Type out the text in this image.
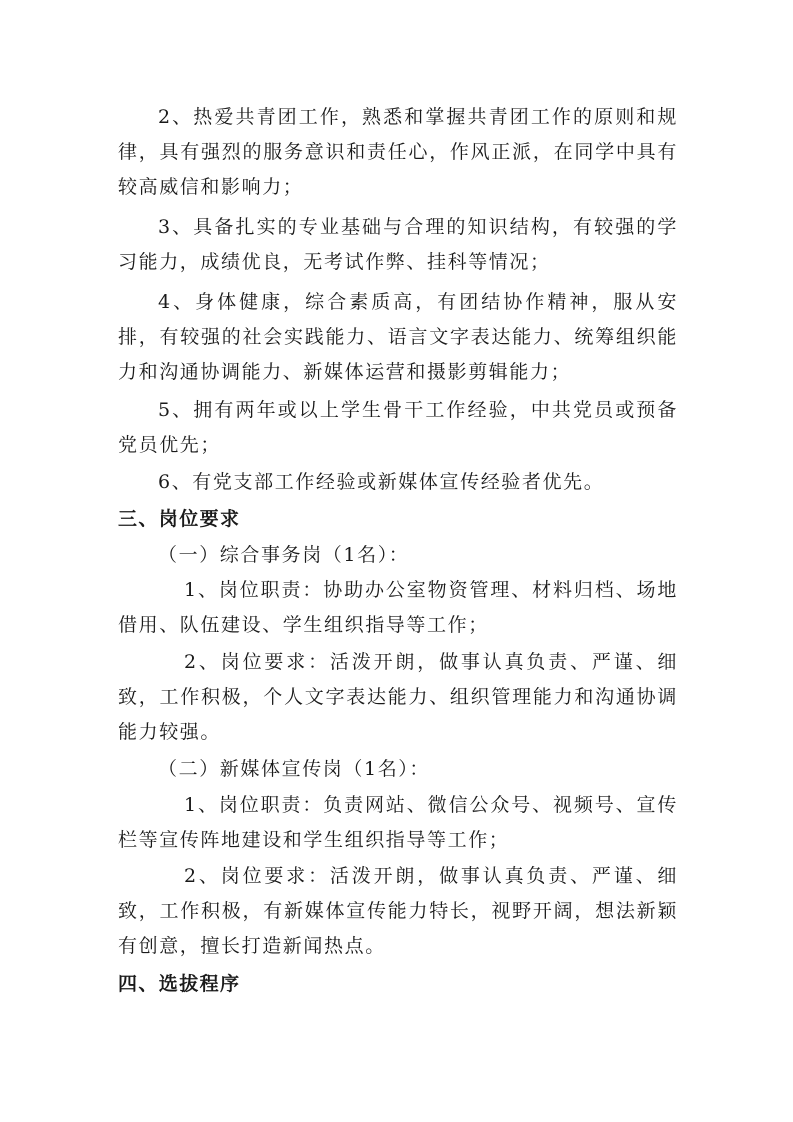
2、热爱共青团工作，熟悉和掌握共青团工作的原则和规律，具有强烈的服务意识和责任心，作风正派，在同学中具有较高威信和影响力；

3、具备扎实的专业基础与合理的知识结构，有较强的学习能力，成绩优良，无考试作弊、挂科等情况；

4、身体健康，综合素质高，有团结协作精神，服从安排，有较强的社会实践能力、语言文字表达能力、统筹组织能力和沟通协调能力、新媒体运营和摄影剪辑能力；

5、拥有两年或以上学生骨干工作经验，中共党员或预备党员优先；

6、有党支部工作经验或新媒体宣传经验者优先。

三、岗位要求

（一）综合事务岗（1名）：

1、岗位职责：协助办公室物资管理、材料归档、场地借用、队伍建设、学生组织指导等工作；

2、岗位要求：活泼开朗，做事认真负责、严谨、细致，工作积极，个人文字表达能力、组织管理能力和沟通协调能力较强。

（二）新媒体宣传岗（1名）：

1、岗位职责：负责网站、微信公众号、视频号、宣传栏等宣传阵地建设和学生组织指导等工作；

2、岗位要求：活泼开朗，做事认真负责、严谨、细致，工作积极，有新媒体宣传能力特长，视野开阔，想法新颖有创意，擅长打造新闻热点。

四、选拔程序
